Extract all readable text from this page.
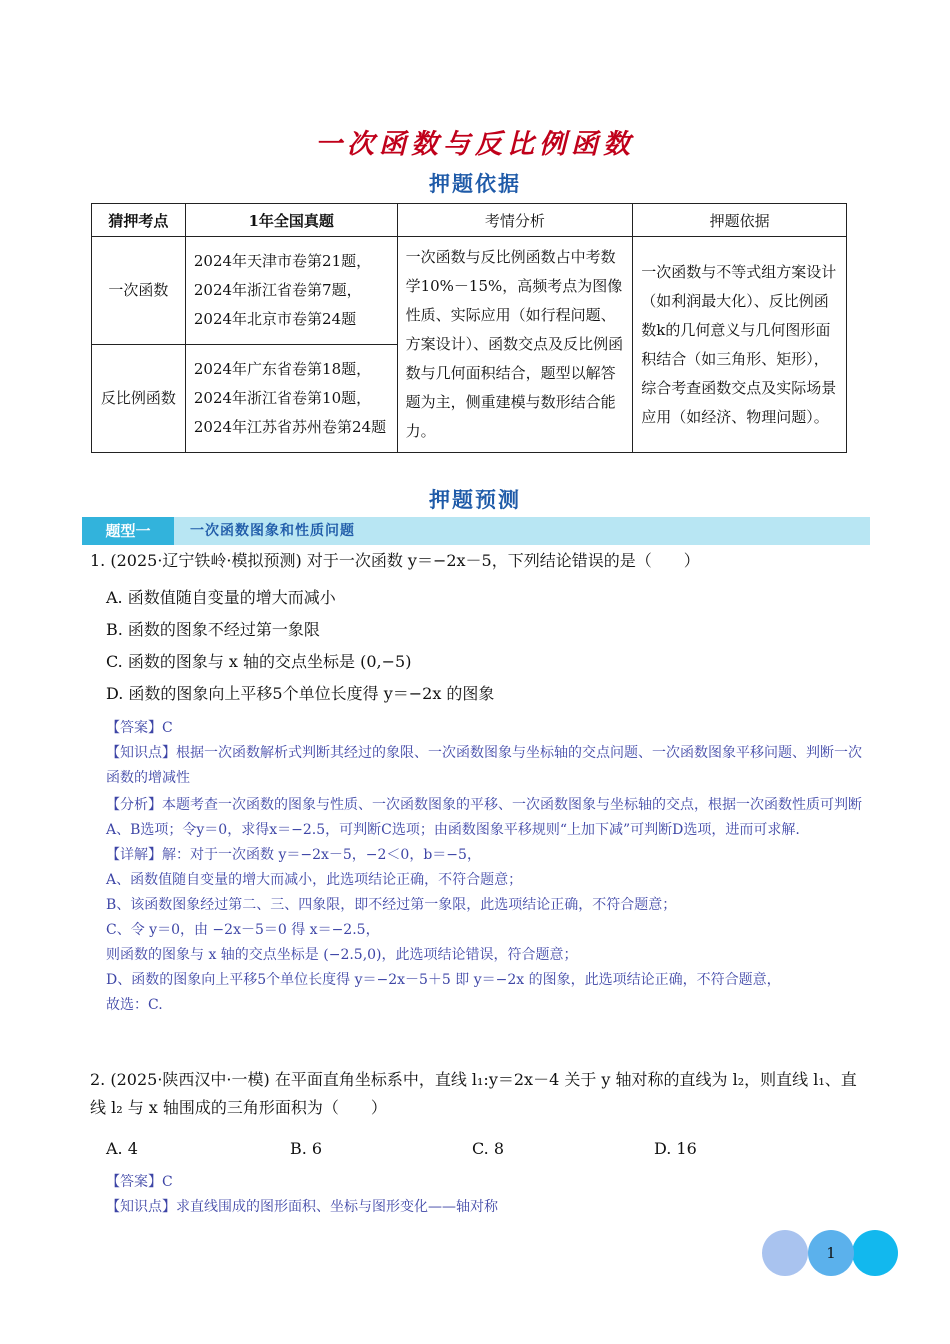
一次函数与反比例函数
押题依据
猜押考点	1年全国真题	考情分析	押题依据
一次函数	2024年天津市卷第21题，
2024年浙江省卷第7题，
2024年北京市卷第24题	一次函数与反比例函数占中考数学10%－15%，高频考点为图像性质、实际应用（如行程问题、方案设计）、函数交点及反比例函数与几何面积结合，题型以解答题为主，侧重建模与数形结合能力。	一次函数与不等式组方案设计（如利润最大化）、反比例函数k的几何意义与几何图形面积结合（如三角形、矩形），综合考查函数交点及实际场景应用（如经济、物理问题）。
反比例函数	2024年广东省卷第18题，
2024年浙江省卷第10题，
2024年江苏省苏州卷第24题		
押题预测
题型一	一次函数图象和性质问题
1. (2025·辽宁铁岭·模拟预测) 对于一次函数 y＝−2x－5，下列结论错误的是（　　）
A. 函数值随自变量的增大而减小
B. 函数的图象不经过第一象限
C. 函数的图象与 x 轴的交点坐标是 (0,−5)
D. 函数的图象向上平移5个单位长度得 y＝−2x 的图象
【答案】C
【知识点】根据一次函数解析式判断其经过的象限、一次函数图象与坐标轴的交点问题、一次函数图象平移问题、判断一次函数的增减性
【分析】本题考查一次函数的图象与性质、一次函数图象的平移、一次函数图象与坐标轴的交点，根据一次函数性质可判断A、B选项；令y＝0，求得x＝−2.5，可判断C选项；由函数图象平移规则“上加下减”可判断D选项，进而可求解.
【详解】解：对于一次函数 y＝−2x－5，−2＜0，b＝−5，
A、函数值随自变量的增大而减小，此选项结论正确，不符合题意；
B、该函数图象经过第二、三、四象限，即不经过第一象限，此选项结论正确，不符合题意；
C、令 y＝0，由 −2x－5＝0 得 x＝−2.5，
则函数的图象与 x 轴的交点坐标是 (−2.5,0)，此选项结论错误，符合题意；
D、函数的图象向上平移5个单位长度得 y＝−2x－5＋5 即 y＝−2x 的图象，此选项结论正确，不符合题意，
故选：C.
2. (2025·陕西汉中·一模) 在平面直角坐标系中，直线 l₁:y＝2x－4 关于 y 轴对称的直线为 l₂，则直线 l₁、直线 l₂ 与 x 轴围成的三角形面积为（　　）
A. 4	B. 6	C. 8	D. 16
【答案】C
【知识点】求直线围成的图形面积、坐标与图形变化——轴对称
1
